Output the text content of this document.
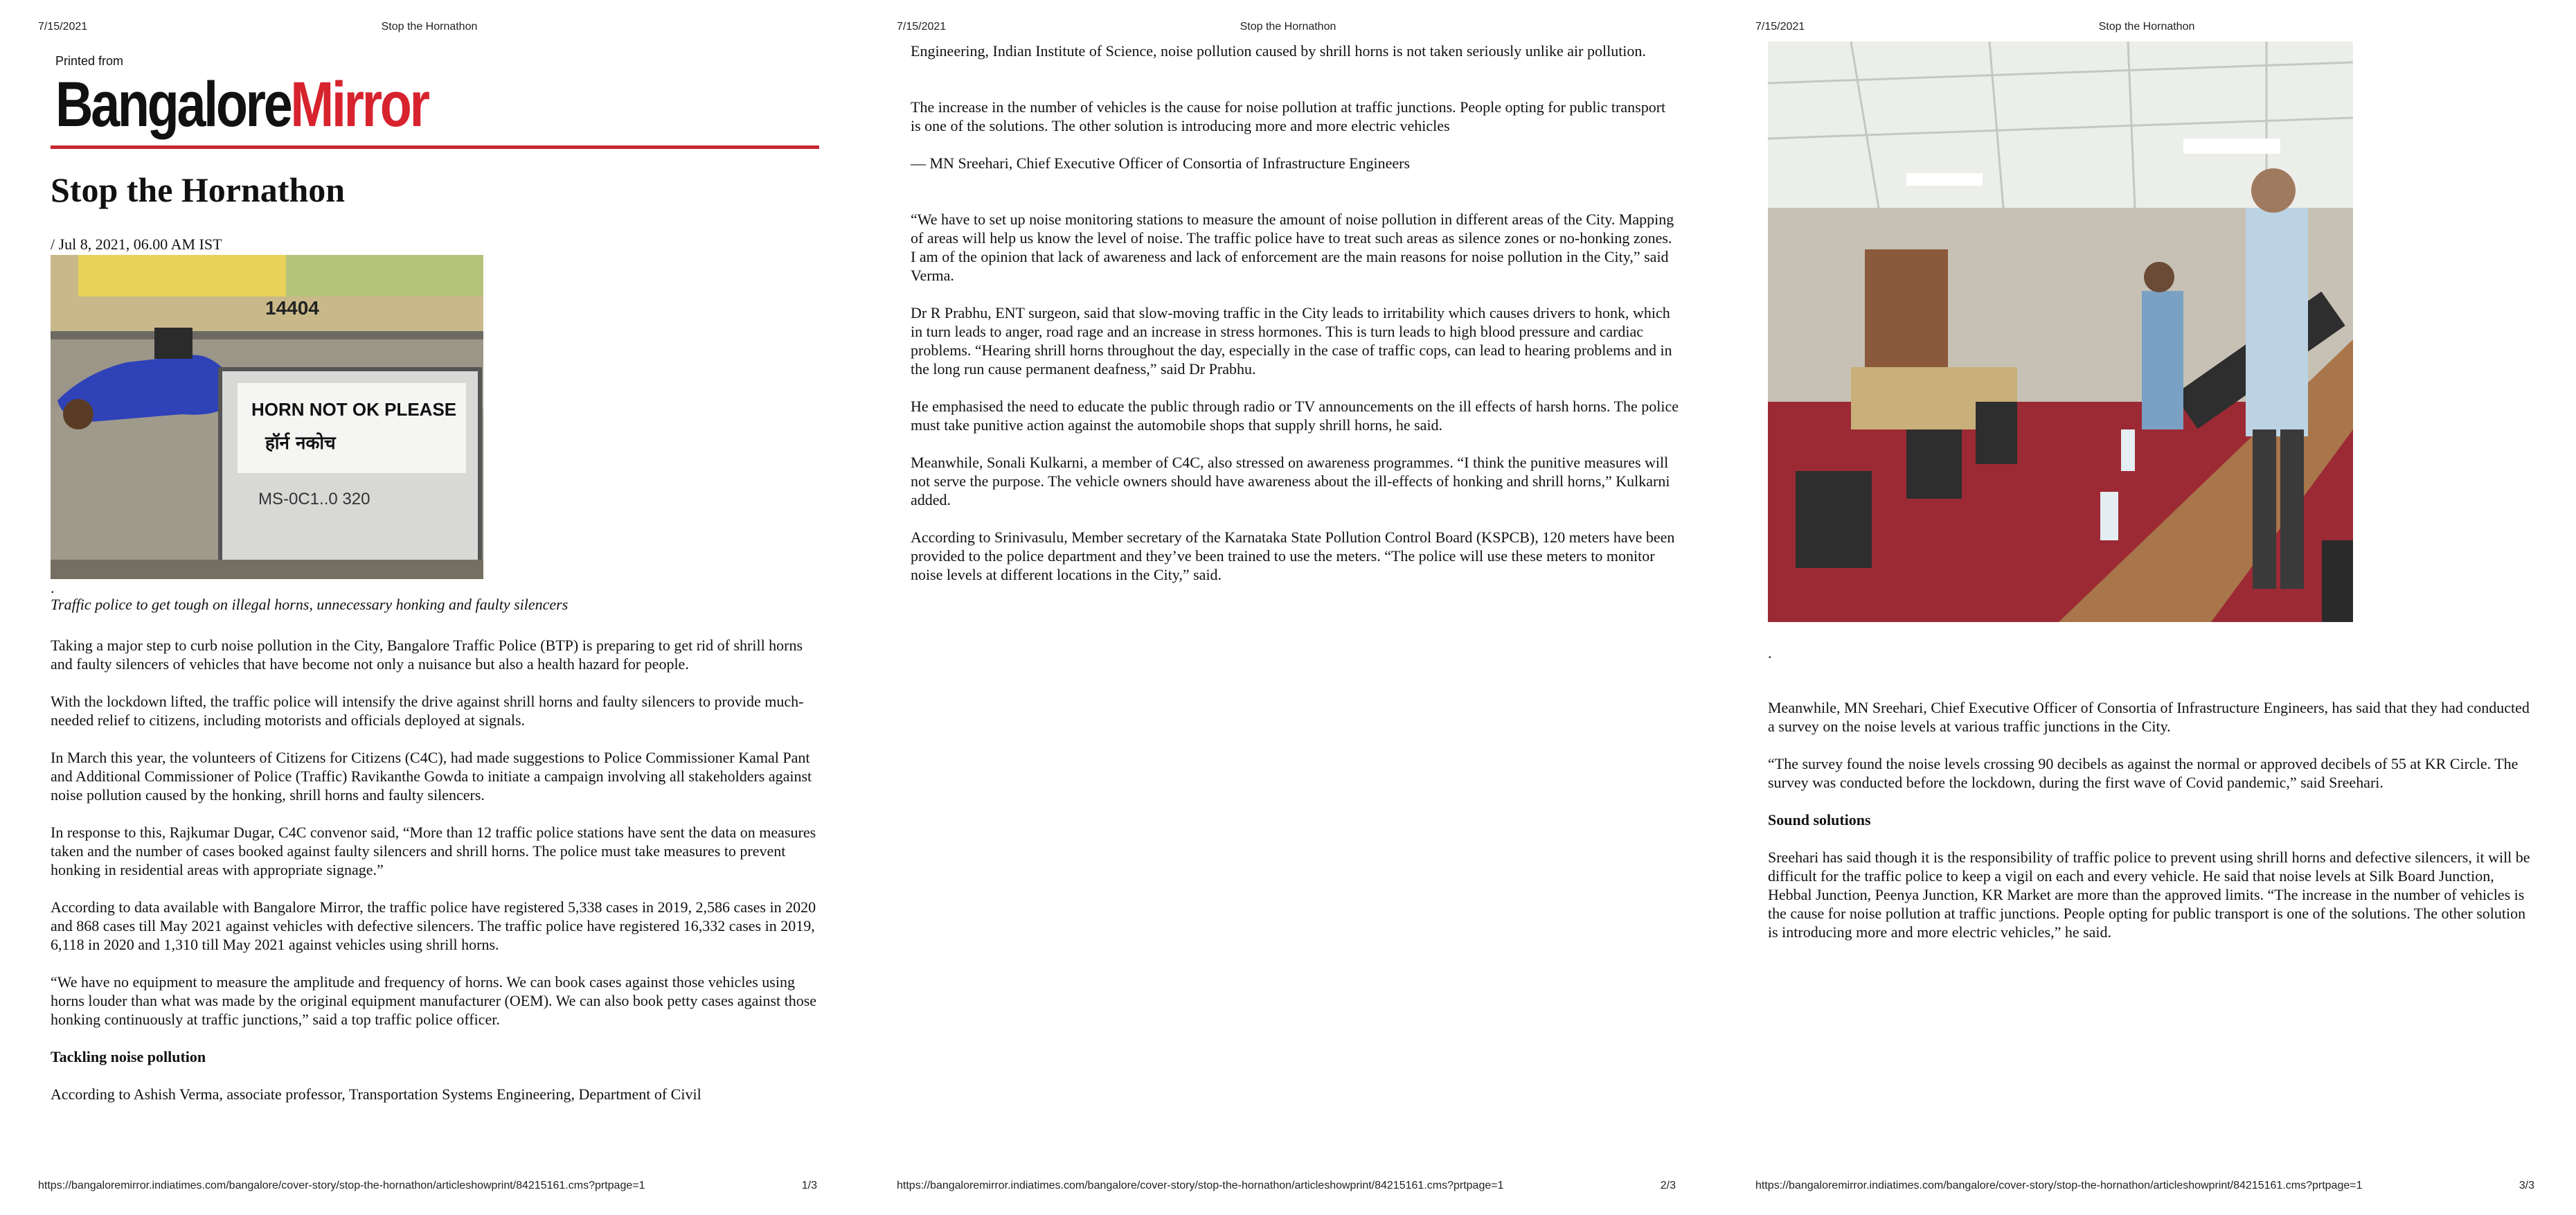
7/15/2021	Stop the Hornathon
Printed from
BangaloreMirror
Stop the Hornathon
/ Jul 8, 2021, 06.00 AM IST
14404
HORN NOT OK PLEASE
हॉर्न नकोच
MS-0C1..0 320
.
Traffic police to get tough on illegal horns, unnecessary honking and faulty silencers

Taking a major step to curb noise pollution in the City, Bangalore Traffic Police (BTP) is preparing to get rid of shrill horns and faulty silencers of vehicles that have become not only a nuisance but also a health hazard for people.

With the lockdown lifted, the traffic police will intensify the drive against shrill horns and faulty silencers to provide much-needed relief to citizens, including motorists and officials deployed at signals.

In March this year, the volunteers of Citizens for Citizens (C4C), had made suggestions to Police Commissioner Kamal Pant and Additional Commissioner of Police (Traffic) Ravikanthe Gowda to initiate a campaign involving all stakeholders against noise pollution caused by the honking, shrill horns and faulty silencers.

In response to this, Rajkumar Dugar, C4C convenor said, “More than 12 traffic police stations have sent the data on measures taken and the number of cases booked against faulty silencers and shrill horns. The police must take measures to prevent honking in residential areas with appropriate signage.”

According to data available with Bangalore Mirror, the traffic police have registered 5,338 cases in 2019, 2,586 cases in 2020 and 868 cases till May 2021 against vehicles with defective silencers. The traffic police have registered 16,332 cases in 2019, 6,118 in 2020 and 1,310 till May 2021 against vehicles using shrill horns.

“We have no equipment to measure the amplitude and frequency of horns. We can book cases against those vehicles using horns louder than what was made by the original equipment manufacturer (OEM). We can also book petty cases against those honking continuously at traffic junctions,” said a top traffic police officer.

Tackling noise pollution

According to Ashish Verma, associate professor, Transportation Systems Engineering, Department of Civil

https://bangaloremirror.indiatimes.com/bangalore/cover-story/stop-the-hornathon/articleshowprint/84215161.cms?prtpage=1	1/3
7/15/2021	Stop the Hornathon

Engineering, Indian Institute of Science, noise pollution caused by shrill horns is not taken seriously unlike air pollution.

The increase in the number of vehicles is the cause for noise pollution at traffic junctions. People opting for public transport is one of the solutions. The other solution is introducing more and more electric vehicles

— MN Sreehari, Chief Executive Officer of Consortia of Infrastructure Engineers

“We have to set up noise monitoring stations to measure the amount of noise pollution in different areas of the City. Mapping of areas will help us know the level of noise. The traffic police have to treat such areas as silence zones or no-honking zones. I am of the opinion that lack of awareness and lack of enforcement are the main reasons for noise pollution in the City,” said Verma.

Dr R Prabhu, ENT surgeon, said that slow-moving traffic in the City leads to irritability which causes drivers to honk, which in turn leads to anger, road rage and an increase in stress hormones. This is turn leads to high blood pressure and cardiac problems. “Hearing shrill horns throughout the day, especially in the case of traffic cops, can lead to hearing problems and in the long run cause permanent deafness,” said Dr Prabhu.

He emphasised the need to educate the public through radio or TV announcements on the ill effects of harsh horns. The police must take punitive action against the automobile shops that supply shrill horns, he said.

Meanwhile, Sonali Kulkarni, a member of C4C, also stressed on awareness programmes. “I think the punitive measures will not serve the purpose. The vehicle owners should have awareness about the ill-effects of honking and shrill horns,” Kulkarni added.

According to Srinivasulu, Member secretary of the Karnataka State Pollution Control Board (KSPCB), 120 meters have been provided to the police department and they’ve been trained to use the meters. “The police will use these meters to monitor noise levels at different locations in the City,” said.

https://bangaloremirror.indiatimes.com/bangalore/cover-story/stop-the-hornathon/articleshowprint/84215161.cms?prtpage=1	2/3
7/15/2021	Stop the Hornathon
.

Meanwhile, MN Sreehari, Chief Executive Officer of Consortia of Infrastructure Engineers, has said that they had conducted a survey on the noise levels at various traffic junctions in the City.

“The survey found the noise levels crossing 90 decibels as against the normal or approved decibels of 55 at KR Circle. The survey was conducted before the lockdown, during the first wave of Covid pandemic,” said Sreehari.

Sound solutions

Sreehari has said though it is the responsibility of traffic police to prevent using shrill horns and defective silencers, it will be difficult for the traffic police to keep a vigil on each and every vehicle. He said that noise levels at Silk Board Junction, Hebbal Junction, Peenya Junction, KR Market are more than the approved limits. “The increase in the number of vehicles is the cause for noise pollution at traffic junctions. People opting for public transport is one of the solutions. The other solution is introducing more and more electric vehicles,” he said.

https://bangaloremirror.indiatimes.com/bangalore/cover-story/stop-the-hornathon/articleshowprint/84215161.cms?prtpage=1	3/3
